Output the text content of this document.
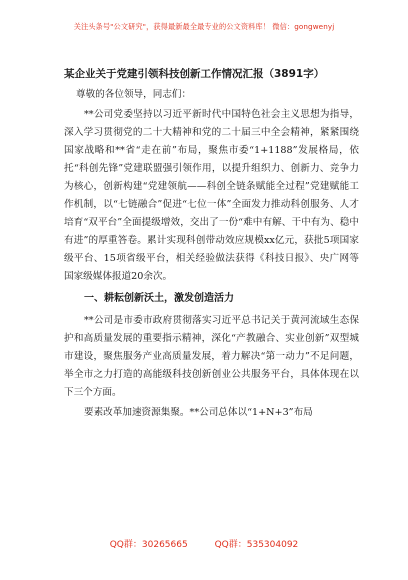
关注头条号"公文研究"，获得最新最全最专业的公文资料库！ 微信：gongwenyj
某企业关于党建引领科技创新工作情况汇报（3891字）

尊敬的各位领导，同志们：

**公司党委坚持以习近平新时代中国特色社会主义思想为指导，深入学习贯彻党的二十大精神和党的二十届三中全会精神，紧紧围绕国家战略和**省“走在前”布局，聚焦市委“1+1188”发展格局，依托“科创先锋”党建联盟强引领作用，以提升组织力、创新力、竞争力为核心，创新构建“党建领航——科创全链条赋能全过程”党建赋能工作机制，以“七链融合”促进“七位一体”全面发力推动科创服务、人才培育“双平台”全面提级增效，交出了一份“难中有解、干中有为、稳中有进”的厚重答卷。累计实现科创带动效应规模xx亿元，获批5项国家级平台、15项省级平台，相关经验做法获得《科技日报》、央广网等国家级媒体报道20余次。

一、耕耘创新沃土，激发创造活力

**公司是市委市政府贯彻落实习近平总书记关于黄河流域生态保护和高质量发展的重要指示精神，深化“产教融合、实业创新”双型城市建设，聚焦服务产业高质量发展，着力解决“第一动力”不足问题，举全市之力打造的高能级科技创新创业公共服务平台，具体体现在以下三个方面。

要素改革加速资源集聚。**公司总体以“1+N+3”布局

QQ群：30265665	QQ群：535304092
